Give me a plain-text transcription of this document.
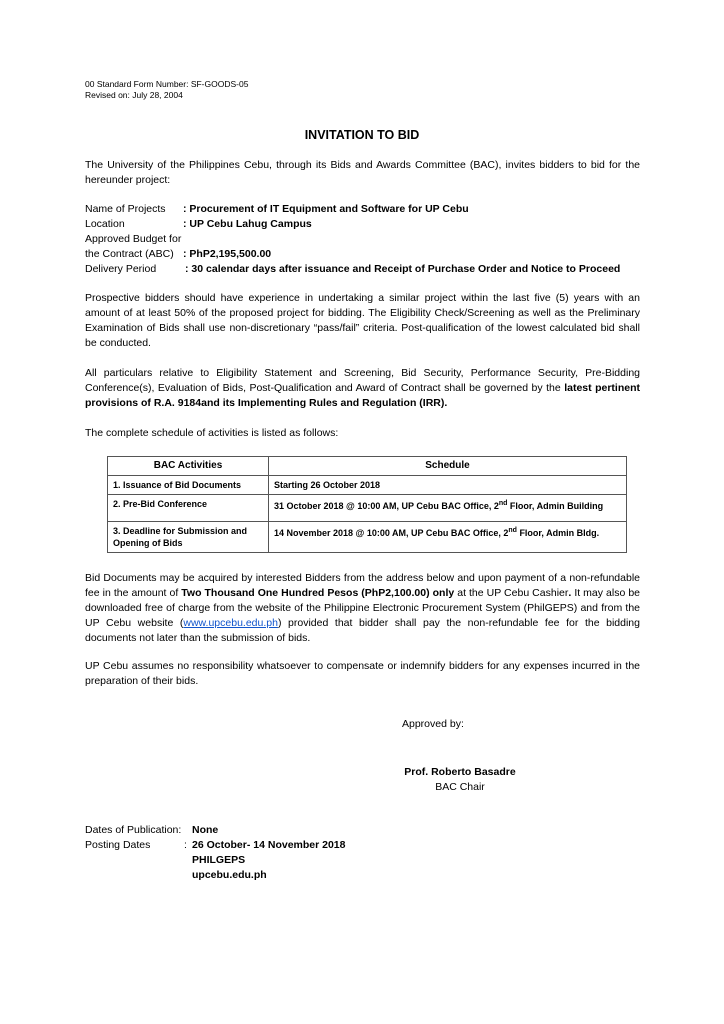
00 Standard Form Number: SF-GOODS-05
Revised on: July 28, 2004
INVITATION TO BID
The University of the Philippines Cebu, through its Bids and Awards Committee (BAC), invites bidders to bid for the hereunder project:
Name of Projects : Procurement of IT Equipment and Software for UP Cebu
Location	: UP Cebu Lahug Campus
Approved Budget for
the Contract (ABC) : PhP2,195,500.00
Delivery Period	: 30 calendar days after issuance and Receipt of Purchase Order and Notice to Proceed
Prospective bidders should have experience in undertaking a similar project within the last five (5) years with an amount of at least 50% of the proposed project for bidding. The Eligibility Check/Screening as well as the Preliminary Examination of Bids shall use non-discretionary “pass/fail” criteria. Post-qualification of the lowest calculated bid shall be conducted.
All particulars relative to Eligibility Statement and Screening, Bid Security, Performance Security, Pre-Bidding Conference(s), Evaluation of Bids, Post-Qualification and Award of Contract shall be governed by the latest pertinent provisions of R.A. 9184and its Implementing Rules and Regulation (IRR).
The complete schedule of activities is listed as follows:
BAC Activities	Schedule
1. Issuance of Bid Documents	Starting 26 October 2018
2. Pre-Bid Conference	31 October 2018 @ 10:00 AM, UP Cebu BAC Office, 2nd Floor, Admin Building
3. Deadline for Submission and Opening of Bids	14 November 2018 @ 10:00 AM, UP Cebu BAC Office, 2nd Floor, Admin Bldg.
Bid Documents may be acquired by interested Bidders from the address below and upon payment of a non-refundable fee in the amount of Two Thousand One Hundred Pesos (PhP2,100.00) only at the UP Cebu Cashier. It may also be downloaded free of charge from the website of the Philippine Electronic Procurement System (PhilGEPS) and from the UP Cebu website (www.upcebu.edu.ph) provided that bidder shall pay the non-refundable fee for the bidding documents not later than the submission of bids.
UP Cebu assumes no responsibility whatsoever to compensate or indemnify bidders for any expenses incurred in the preparation of their bids.
Approved by:
Prof. Roberto Basadre
BAC Chair
Dates of Publication: None
Posting Dates	: 26 October- 14 November 2018
PHILGEPS
upcebu.edu.ph
